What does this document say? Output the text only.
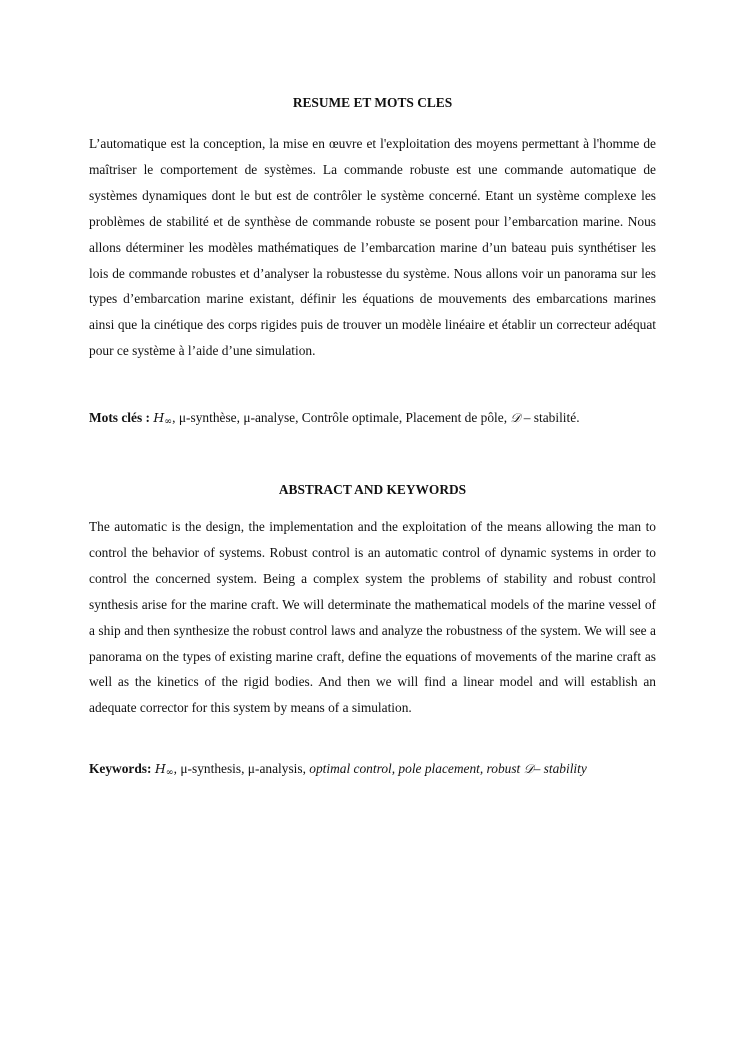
RESUME ET MOTS CLES

L’automatique est la conception, la mise en œuvre et l'exploitation des moyens permettant à l'homme de maîtriser le comportement de systèmes. La commande robuste est une commande automatique de systèmes dynamiques dont le but est de contrôler le système concerné. Etant un système complexe les problèmes de stabilité et de synthèse de commande robuste se posent pour l’embarcation marine. Nous allons déterminer les modèles mathématiques de l’embarcation marine d’un bateau puis synthétiser les lois de commande robustes et d’analyser la robustesse du système. Nous allons voir un panorama sur les types d’embarcation marine existant, définir les équations de mouvements des embarcations marines ainsi que la cinétique des corps rigides puis de trouver un modèle linéaire et établir un correcteur adéquat pour ce système à l’aide d’une simulation.

Mots clés : $H_\infty$, μ-synthèse, μ-analyse, Contrôle optimale, Placement de pôle, 𝒟 – stabilité.

ABSTRACT AND KEYWORDS

The automatic is the design, the implementation and the exploitation of the means allowing the man to control the behavior of systems. Robust control is an automatic control of dynamic systems in order to control the concerned system. Being a complex system the problems of stability and robust control synthesis arise for the marine craft. We will determinate the mathematical models of the marine vessel of a ship and then synthesize the robust control laws and analyze the robustness of the system. We will see a panorama on the types of existing marine craft, define the equations of movements of the marine craft as well as the kinetics of the rigid bodies. And then we will find a linear model and will establish an adequate corrector for this system by means of a simulation.

Keywords: $H_\infty$, μ-synthesis, μ-analysis, optimal control, pole placement, robust 𝒟– stability
